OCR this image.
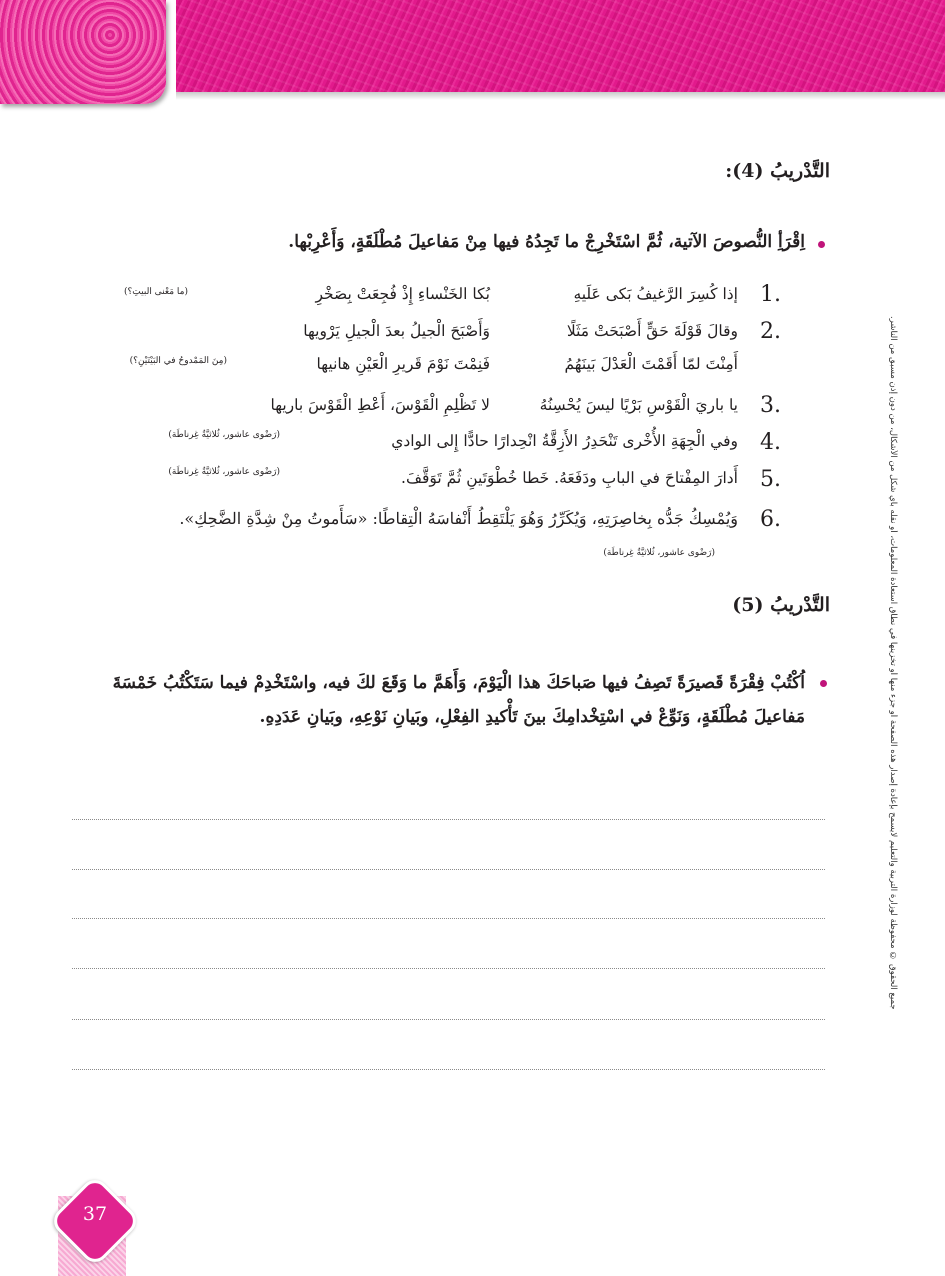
التَّدْريبُ (4):
اِقْرَأِ النُّصوصَ الآتية، ثُمَّ اسْتَخْرِجْ ما تَجِدُهُ فيها مِنْ مَفاعيلَ مُطْلَقَةٍ، وَأَعْرِبْها.
1.
إذا كُسِرَ الرَّغيفُ بَكى عَلَيهِ
بُكا الخَنْساءِ إِذْ فُجِعَتْ بِصَخْرِ
(ما مَعْنى البيتِ؟)
2.
وقالَ قَوْلَةَ حَقٍّ أَصْبَحَتْ مَثَلًا
وَأَصْبَحَ الْجيلُ بعدَ الْجيلِ يَرْويها
أَمِنْتَ لمّا أَقَمْتَ الْعَدْلَ بَينَهُمُ
فَنِمْتَ نَوْمَ قَريرِ الْعَيْنِ هانيها
(مِنَ المَمْدوحُ في البَيْتَيْنِ؟)
3.
يا باريَ الْقَوْسِ بَرْيًا ليسَ يُحْسِنُهُ
لا تَظْلِمِ الْقَوْسَ، أَعْطِ الْقَوْسَ باريها
4.
وفي الْجِهَةِ الأُخْرى تَنْحَدِرُ الأَزِقَّةُ انْحِدارًا حادًّا إِلى الوادي
(رَضْوى عاشور، ثُلاثيَّةُ غِرناطَة)
5.
أَدارَ المِفْتاحَ في البابِ ودَفَعَهُ. خَطا خُطْوَتَينِ ثُمَّ تَوَقَّفَ.
(رَضْوى عاشور، ثُلاثيَّةُ غِرناطَة)
6.
وَيُمْسِكُ جَدُّه بِخاصِرَتِهِ، وَيُكَرِّرُ وَهُوَ يَلْتَقِطُ أَنْفاسَهُ الْتِقاطًا: «سَأَموتُ مِنْ شِدَّةِ الضَّحِكِ».
(رَضْوى عاشور، ثُلاثيَّةُ غِرناطَة)
التَّدْريبُ (5)
اُكْتُبْ فِقْرَةً قَصيرَةً تَصِفُ فيها صَباحَكَ هذا الْيَوْمَ، وَأَهَمَّ ما وَقَعَ لكَ فيه، واسْتَخْدِمْ فيما سَتَكْتُبُ خَمْسَةَ مَفاعيلَ مُطْلَقَةٍ، وَنَوِّعْ في اسْتِخْدامِكَ بينَ تَأْكيدِ الفِعْلِ، وبَيانِ نَوْعِهِ، وبَيانِ عَدَدِهِ.	جميع الحقوق © محفوظة لوزارة التربية والتعليم لايسمح بإعادة إصدار هذه الصفحة أو جزء منها أو تخزينها في نطاق استعادة المعلومات، أو نقله بأي شكل من الأشكال، من دون إذن مسبق من الناشر.
37
